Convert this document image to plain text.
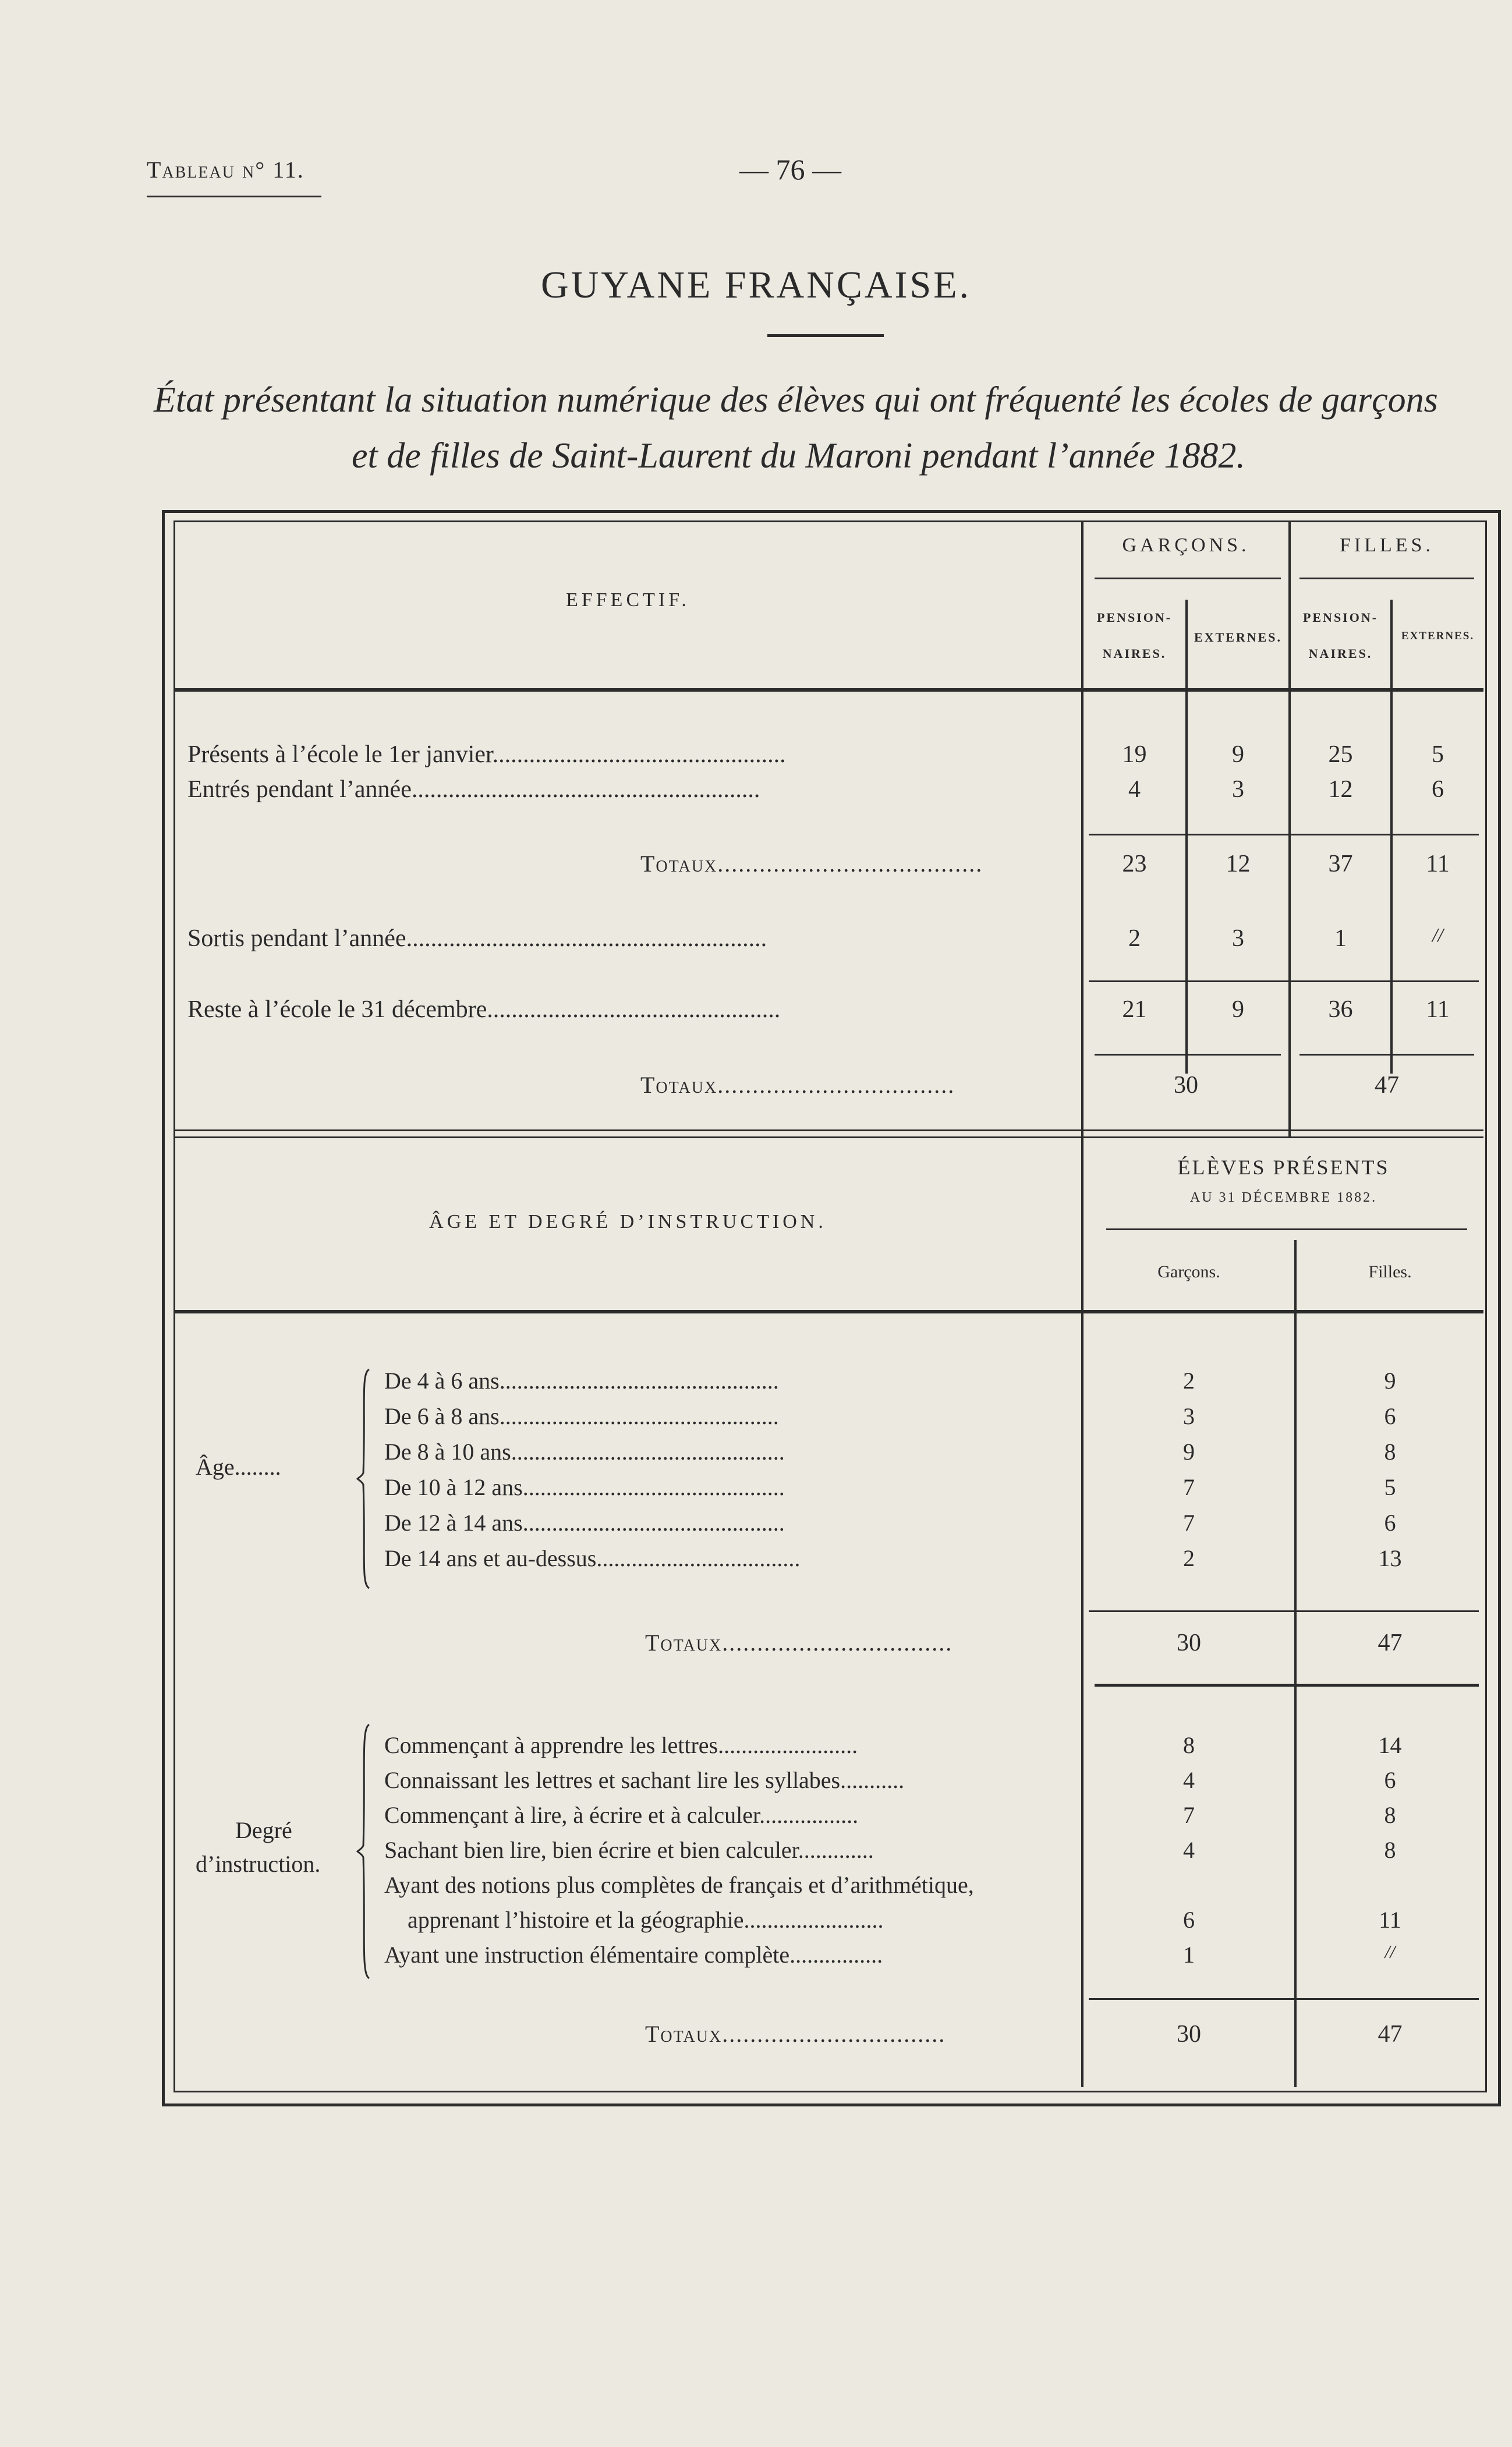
Tableau n° 11.	— 76 —
GUYANE FRANÇAISE.
État présentant la situation numérique des élèves qui ont fréquenté les écoles de garçons
et de filles de Saint-Laurent du Maroni pendant l’année 1882.
EFFECTIF.
GARÇONS.	FILLES.
PENSION-
NAIRES.
EXTERNES.
PENSION-
NAIRES.
EXTERNES.
Présents à l’école le 1er janvier................................................	19	9	25	5
Entrés pendant l’année.........................................................	4	3	12	6
Totaux......................................	23	12	37	11
Sortis pendant l’année...........................................................	2	3	1	//
Reste à l’école le 31 décembre................................................	21	9	36	11
Totaux..................................	30	47
ÂGE ET DEGRÉ D’INSTRUCTION.
ÉLÈVES PRÉSENTS
AU 31 DÉCEMBRE 1882.
Garçons.	Filles.
Âge........
De 4 à 6 ans................................................	2	9
De 6 à 8 ans................................................	3	6
De 8 à 10 ans...............................................	9	8
De 10 à 12 ans.............................................	7	5
De 12 à 14 ans.............................................	7	6
De 14 ans et au-dessus...................................	2	13
Totaux.................................	30	47
Degré
d’instruction.
Commençant à apprendre les lettres........................	8	14
Connaissant les lettres et sachant lire les syllabes...........	4	6
Commençant à lire, à écrire et à calculer.................	7	8
Sachant bien lire, bien écrire et bien calculer.............	4	8
Ayant des notions plus complètes de français et d’arithmétique,
apprenant l’histoire et la géographie........................	6	11
Ayant une instruction élémentaire complète................	1	//
Totaux................................	30	47
